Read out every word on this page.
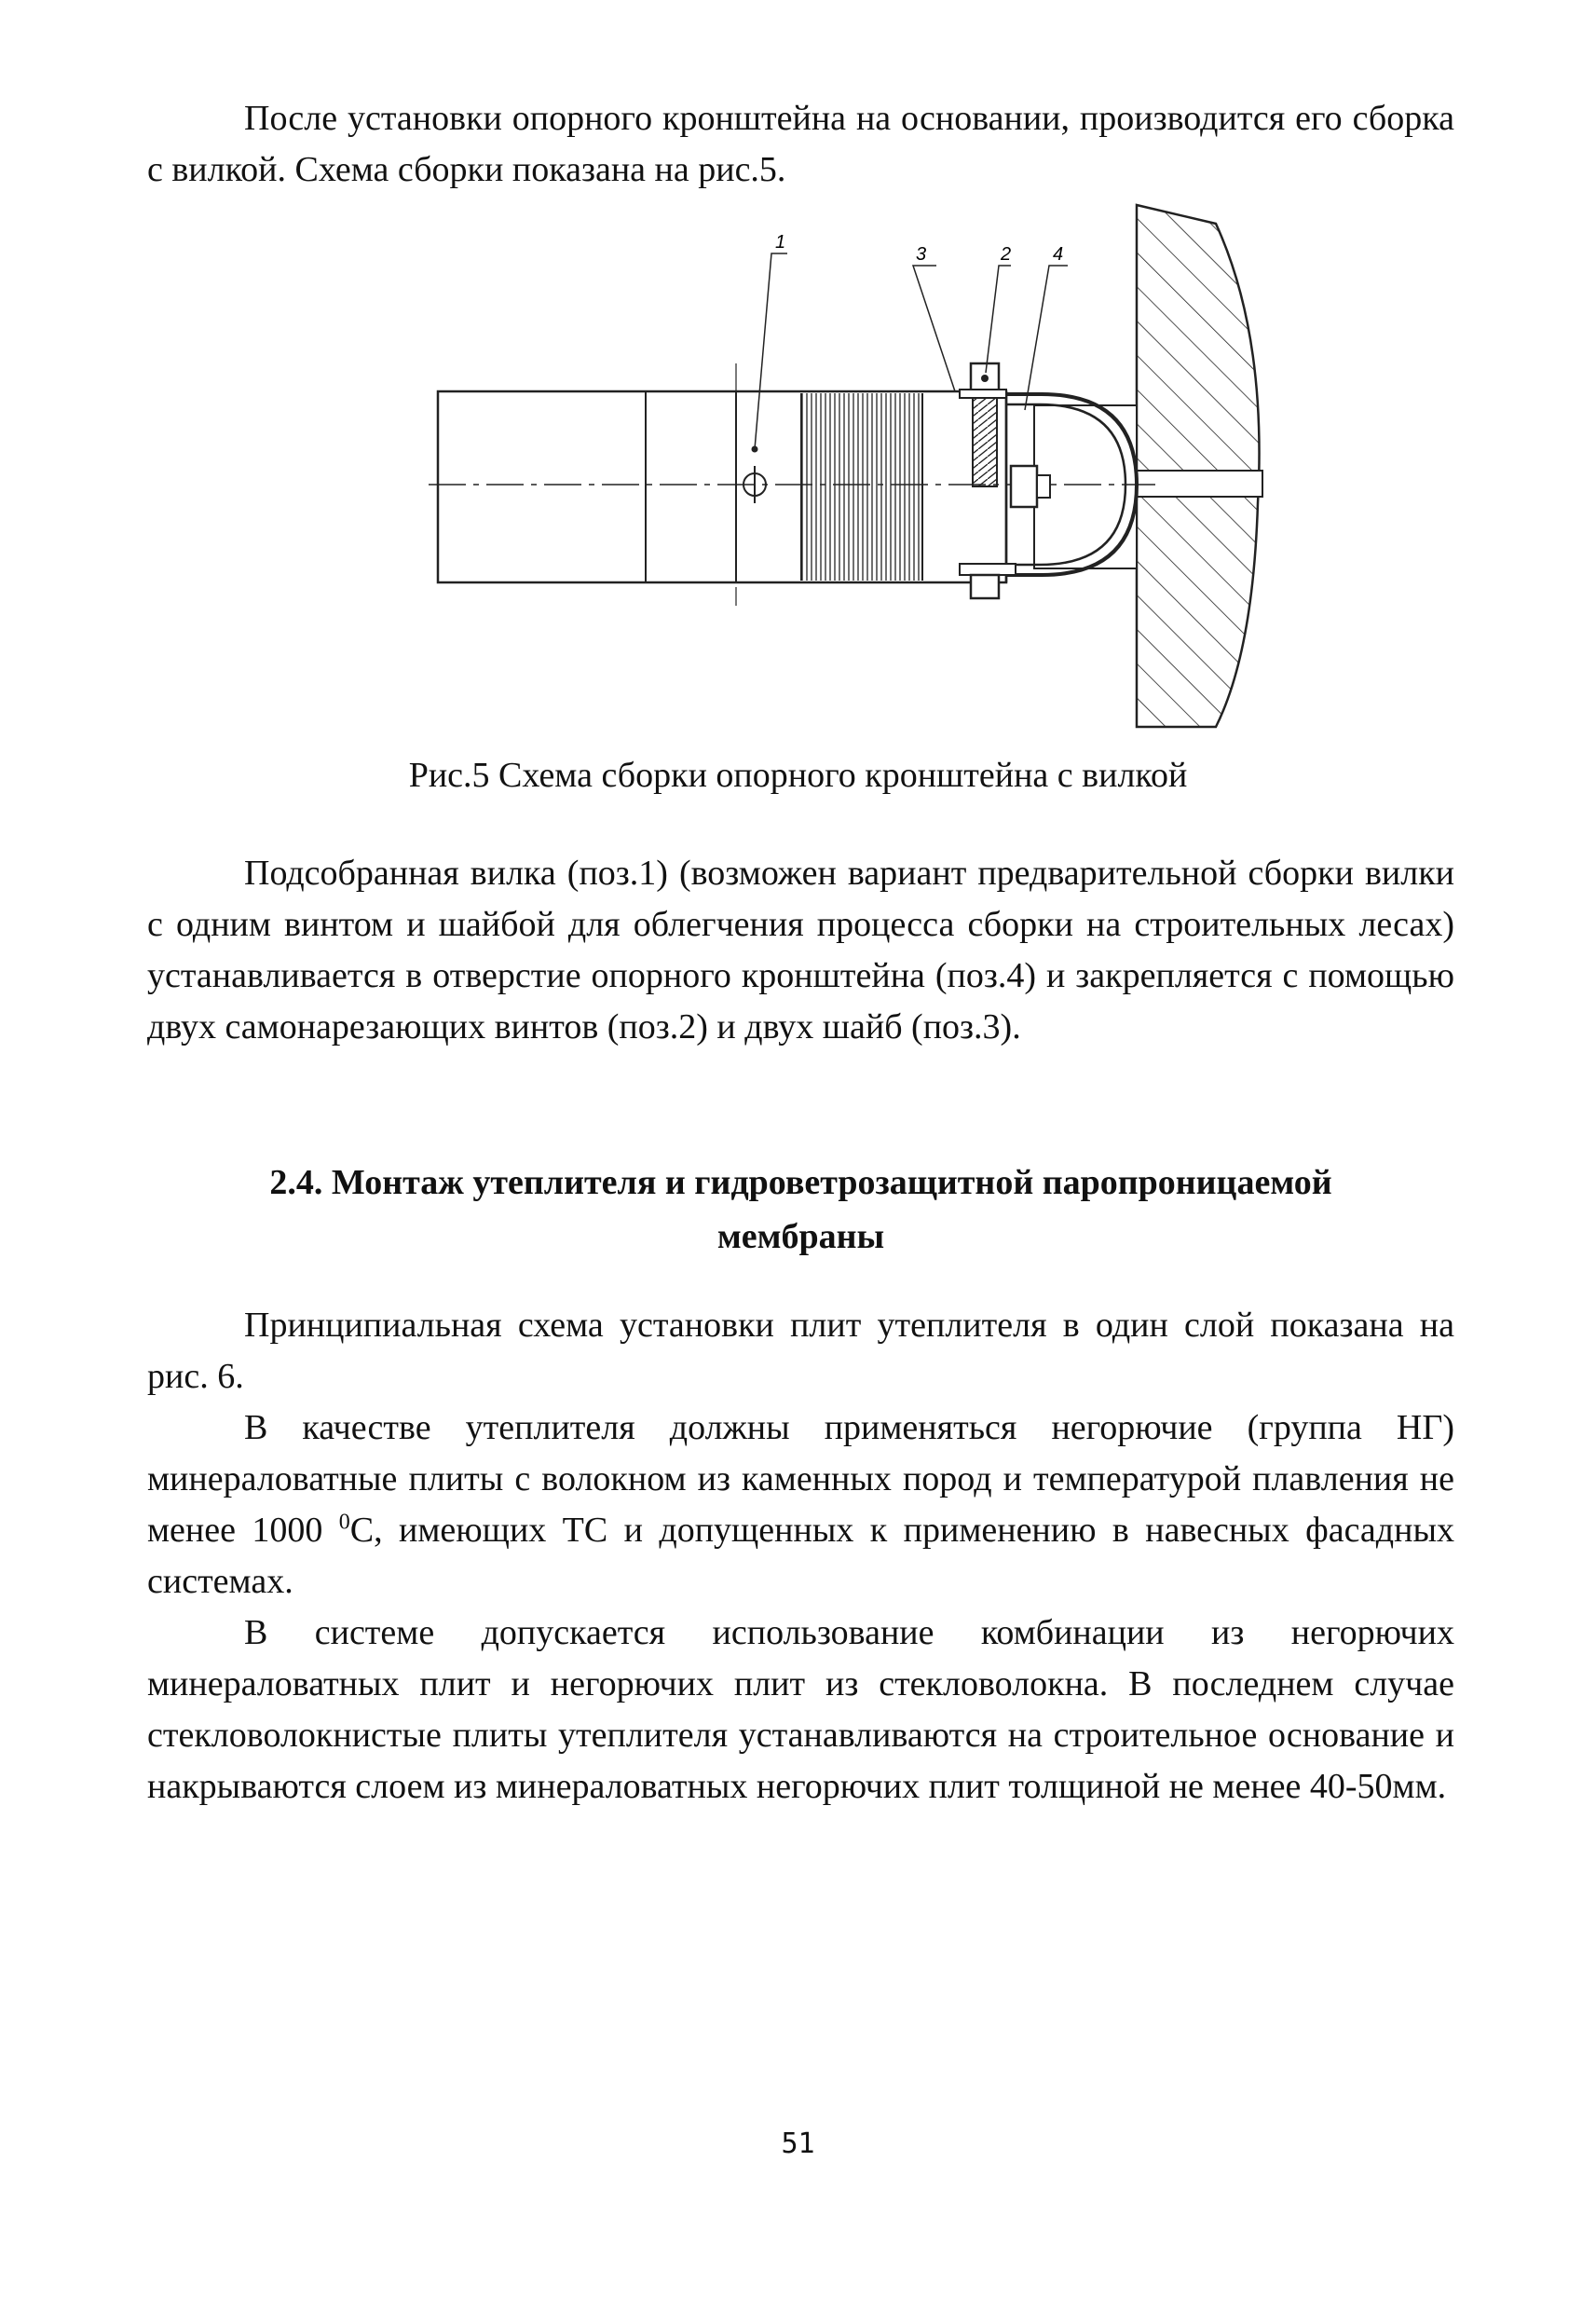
После установки опорного кронштейна на основании, производится его сборка с вилкой. Схема сборки показана на рис.5.

1
3	2 4

Рис.5 Схема сборки опорного кронштейна с вилкой

Подсобранная вилка (поз.1) (возможен вариант предварительной сборки вилки с одним винтом и шайбой для облегчения процесса сборки на строительных лесах) устанавливается в отверстие опорного кронштейна (поз.4) и закрепляется с помощью двух самонарезающих винтов (поз.2) и двух шайб (поз.3).

2.4. Монтаж утеплителя и гидроветрозащитной паропроницаемой
мембраны

Принципиальная схема установки плит утеплителя в один слой показана на рис. 6.

В качестве утеплителя должны применяться негорючие (группа НГ) минераловатные плиты с волокном из каменных пород и температурой плавления не менее 1000 $^0$С, имеющих ТС и допущенных к применению в навесных фасадных системах.

В системе допускается использование комбинации из негорючих минераловатных плит и негорючих плит из стекловолокна. В последнем случае стекловолокнистые плиты утеплителя устанавливаются на строительное основание и накрываются слоем из минераловатных негорючих плит толщиной не менее 40-50мм.

51
